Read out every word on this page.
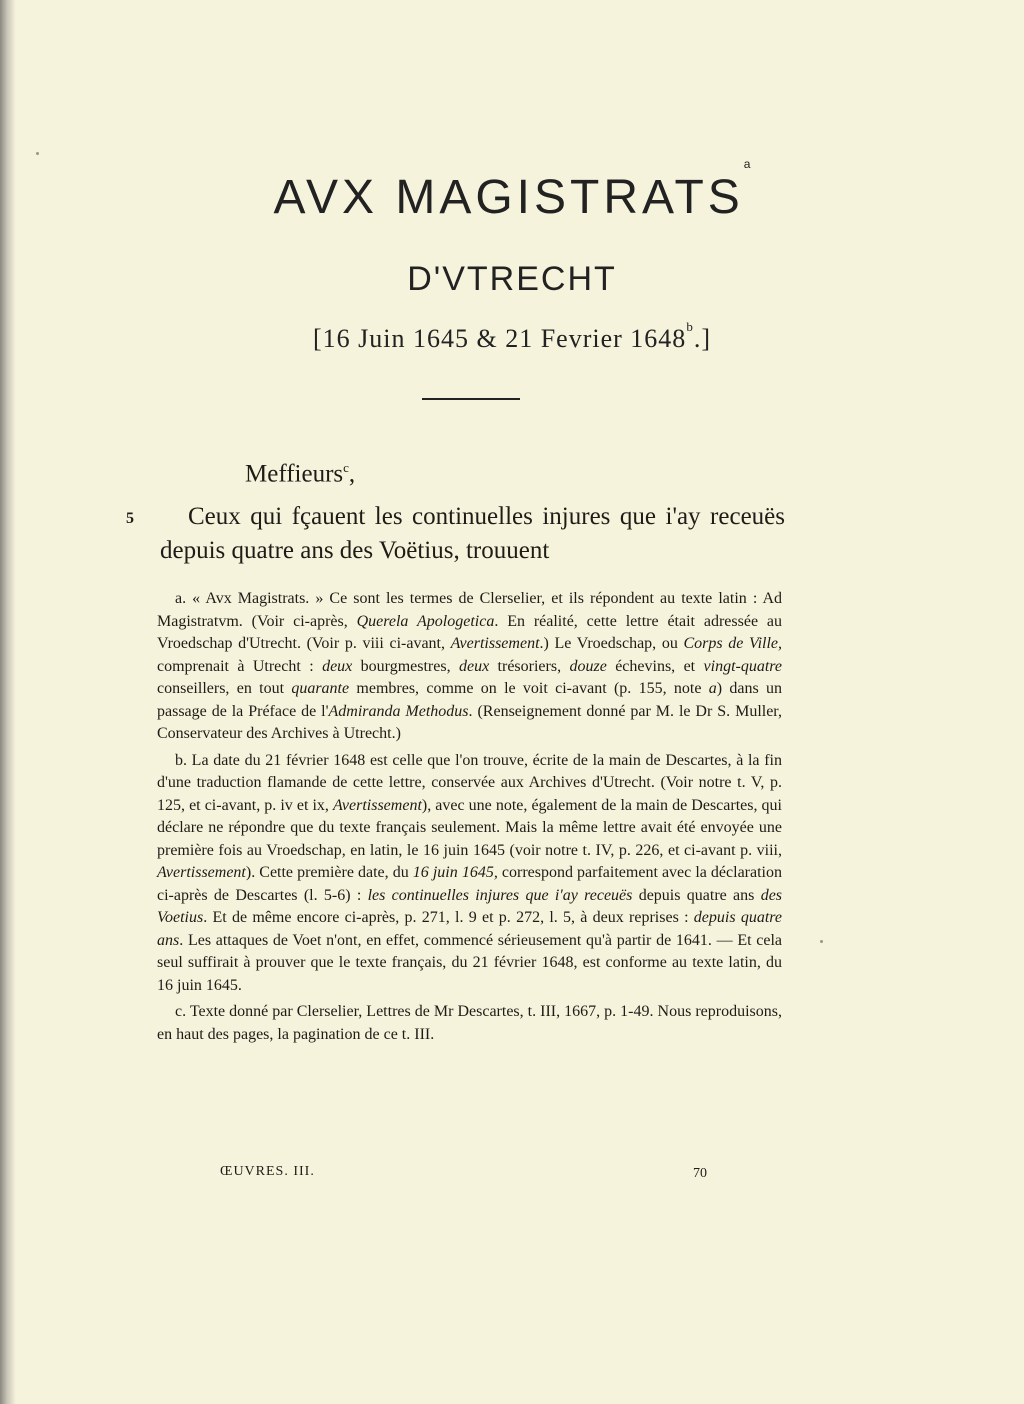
AVX MAGISTRATS$^a$
D'VTRECHT
[16 Juin 1645 & 21 Fevrier 1648$^b$.]
Meffieurs$^c$,
5	Ceux qui fçauent les continuelles injures que i'ay receuës depuis quatre ans des Voëtius, trouuent

a. « Avx Magistrats. » Ce sont les termes de Clerselier, et ils répondent au texte latin : Ad Magistratvm. (Voir ci-après, Querela Apologetica. En réalité, cette lettre était adressée au Vroedschap d'Utrecht. (Voir p. viii ci-avant, Avertissement.) Le Vroedschap, ou Corps de Ville, comprenait à Utrecht : deux bourgmestres, deux trésoriers, douze échevins, et vingt-quatre conseillers, en tout quarante membres, comme on le voit ci-avant (p. 155, note a) dans un passage de la Préface de l'Admiranda Methodus. (Renseignement donné par M. le Dr S. Muller, Conservateur des Archives à Utrecht.)

b. La date du 21 février 1648 est celle que l'on trouve, écrite de la main de Descartes, à la fin d'une traduction flamande de cette lettre, conservée aux Archives d'Utrecht. (Voir notre t. V, p. 125, et ci-avant, p. iv et ix, Avertissement), avec une note, également de la main de Descartes, qui déclare ne répondre que du texte français seulement. Mais la même lettre avait été envoyée une première fois au Vroedschap, en latin, le 16 juin 1645 (voir notre t. IV, p. 226, et ci-avant p. viii, Avertissement). Cette première date, du 16 juin 1645, correspond parfaitement avec la déclaration ci-après de Descartes (l. 5-6) : les continuelles injures que i'ay receuës depuis quatre ans des Voetius. Et de même encore ci-après, p. 271, l. 9 et p. 272, l. 5, à deux reprises : depuis quatre ans. Les attaques de Voet n'ont, en effet, commencé sérieusement qu'à partir de 1641. — Et cela seul suffirait à prouver que le texte français, du 21 février 1648, est conforme au texte latin, du 16 juin 1645.

c. Texte donné par Clerselier, Lettres de Mr Descartes, t. III, 1667, p. 1-49. Nous reproduisons, en haut des pages, la pagination de ce t. III.

ŒUVRES. III.	70
